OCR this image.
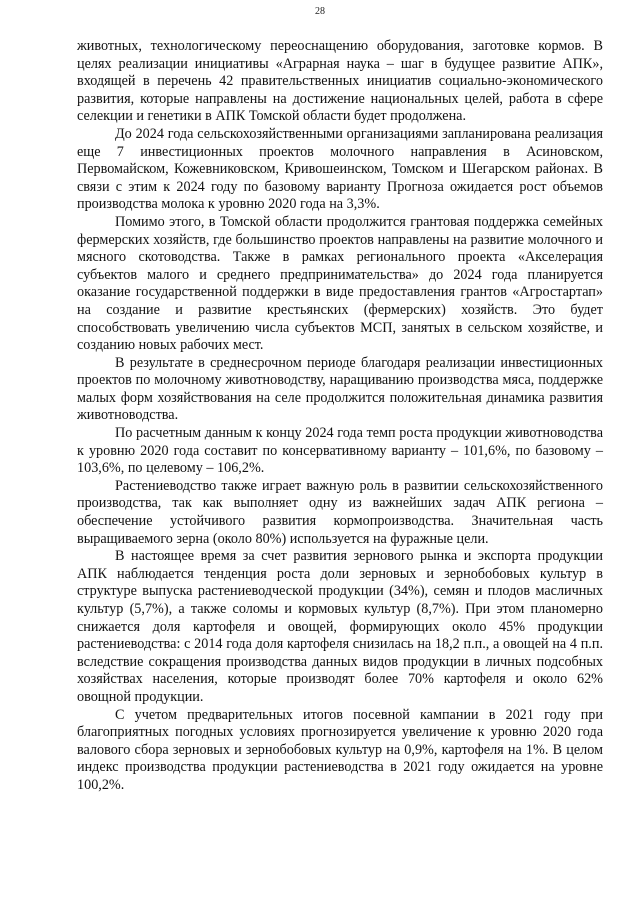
28

животных, технологическому переоснащению оборудования, заготовке кормов. В целях реализации инициативы «Аграрная наука – шаг в будущее развитие АПК», входящей в перечень 42 правительственных инициатив социально-экономического развития, которые направлены на достижение национальных целей, работа в сфере селекции и генетики в АПК Томской области будет продолжена.

До 2024 года сельскохозяйственными организациями запланирована реализация еще 7 инвестиционных проектов молочного направления в Асиновском, Первомайском, Кожевниковском, Кривошеинском, Томском и Шегарском районах. В связи с этим к 2024 году по базовому варианту Прогноза ожидается рост объемов производства молока к уровню 2020 года на 3,3%.

Помимо этого, в Томской области продолжится грантовая поддержка семейных фермерских хозяйств, где большинство проектов направлены на развитие молочного и мясного скотоводства. Также в рамках регионального проекта «Акселерация субъектов малого и среднего предпринимательства» до 2024 года планируется оказание государственной поддержки в виде предоставления грантов «Агростартап» на создание и развитие крестьянских (фермерских) хозяйств. Это будет способствовать увеличению числа субъектов МСП, занятых в сельском хозяйстве, и созданию новых рабочих мест.

В результате в среднесрочном периоде благодаря реализации инвестиционных проектов по молочному животноводству, наращиванию производства мяса, поддержке малых форм хозяйствования на селе продолжится положительная динамика развития животноводства.

По расчетным данным к концу 2024 года темп роста продукции животноводства к уровню 2020 года составит по консервативному варианту – 101,6%, по базовому – 103,6%, по целевому – 106,2%.

Растениеводство также играет важную роль в развитии сельскохозяйственного производства, так как выполняет одну из важнейших задач АПК региона – обеспечение устойчивого развития кормопроизводства. Значительная часть выращиваемого зерна (около 80%) используется на фуражные цели.

В настоящее время за счет развития зернового рынка и экспорта продукции АПК наблюдается тенденция роста доли зерновых и зернобобовых культур в структуре выпуска растениеводческой продукции (34%), семян и плодов масличных культур (5,7%), а также соломы и кормовых культур (8,7%). При этом планомерно снижается доля картофеля и овощей, формирующих около 45% продукции растениеводства: с 2014 года доля картофеля снизилась на 18,2 п.п., а овощей на 4 п.п. вследствие сокращения производства данных видов продукции в личных подсобных хозяйствах населения, которые производят более 70% картофеля и около 62% овощной продукции.

С учетом предварительных итогов посевной кампании в 2021 году при благоприятных погодных условиях прогнозируется увеличение к уровню 2020 года валового сбора зерновых и зернобобовых культур на 0,9%, картофеля на 1%. В целом индекс производства продукции растениеводства в 2021 году ожидается на уровне 100,2%.
